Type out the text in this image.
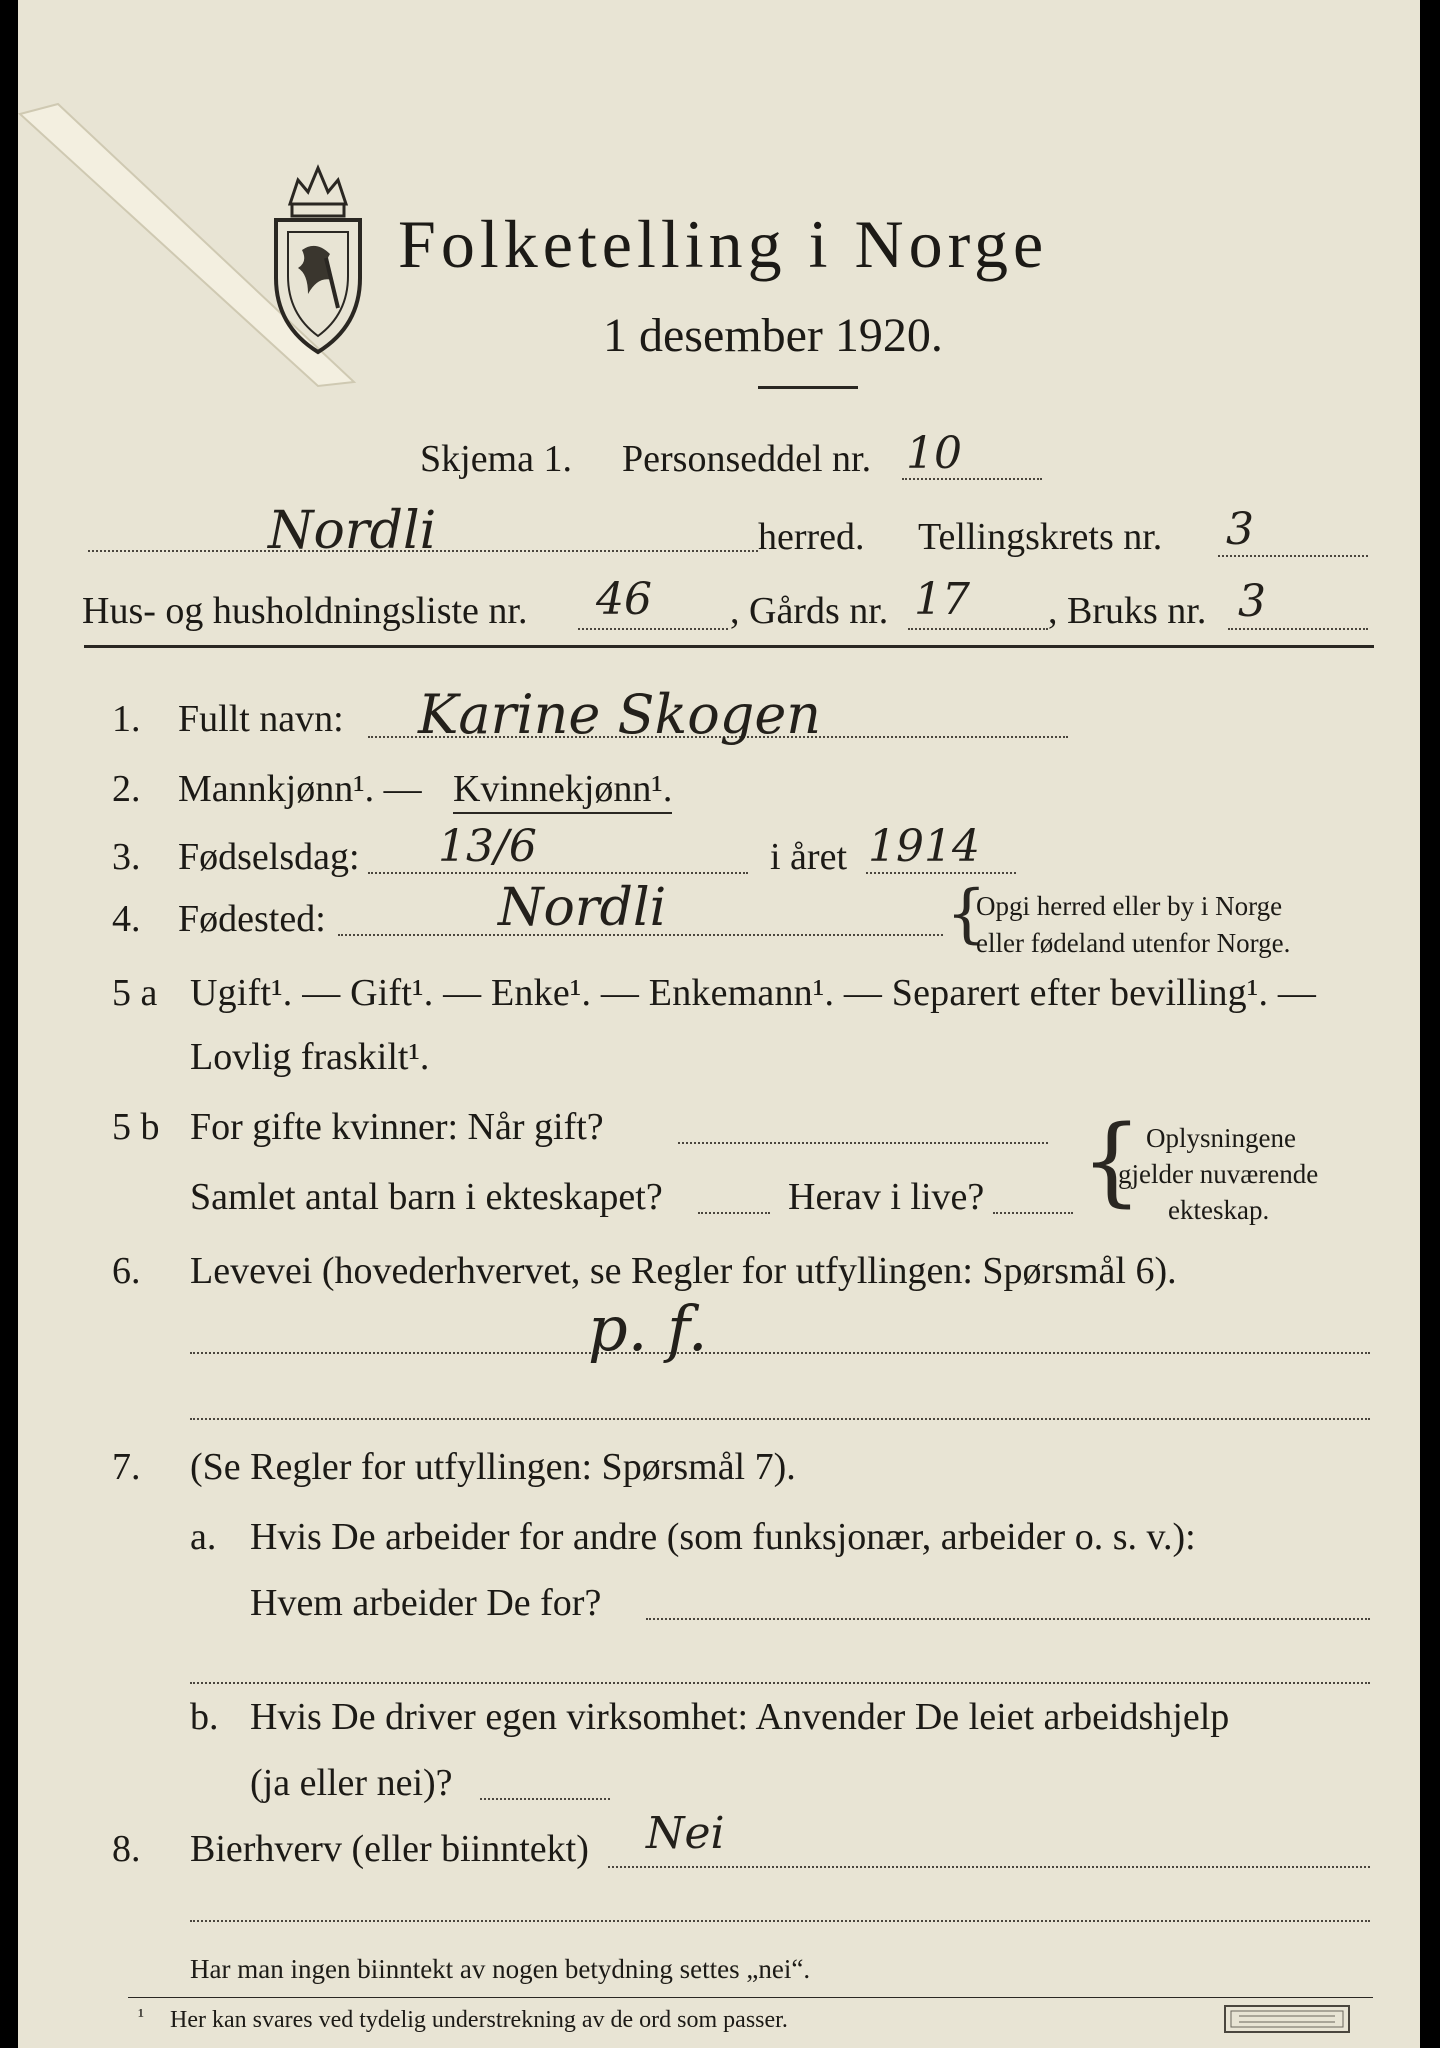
Folketelling i Norge
1 desember 1920.
Skjema 1. Personseddel nr. 10
Nordli	herred. Tellingskrets nr. 3
Hus- og husholdningsliste nr. 46 , Gårds nr. 17 , Bruks nr. 3
1. Fullt navn: Karine Skogen
2. Mannkjønn¹. — Kvinnekjønn¹.
3. Fødselsdag: 13/6	i året 1914
4. Fødested:	Nordli	{
Opgi herred eller by i Norge
eller fødeland utenfor Norge.
5 a Ugift¹. — Gift¹. — Enke¹. — Enkemann¹. — Separert efter bevilling¹. —
Lovlig fraskilt¹.
5 b For gifte kvinner: Når gift?
Samlet antal barn i ekteskapet?	Herav i live? { Oplysningene
gjelder nuværende
ekteskap.
6. Levevei (hovederhvervet, se Regler for utfyllingen: Spørsmål 6).
p. f.
7. (Se Regler for utfyllingen: Spørsmål 7).
a. Hvis De arbeider for andre (som funksjonær, arbeider o. s. v.):
Hvem arbeider De for?
b. Hvis De driver egen virksomhet: Anvender De leiet arbeidshjelp
(ja eller nei)?
8. Bierhverv (eller biinntekt) Nei
Har man ingen biinntekt av nogen betydning settes „nei“.
¹ Her kan svares ved tydelig understrekning av de ord som passer.
